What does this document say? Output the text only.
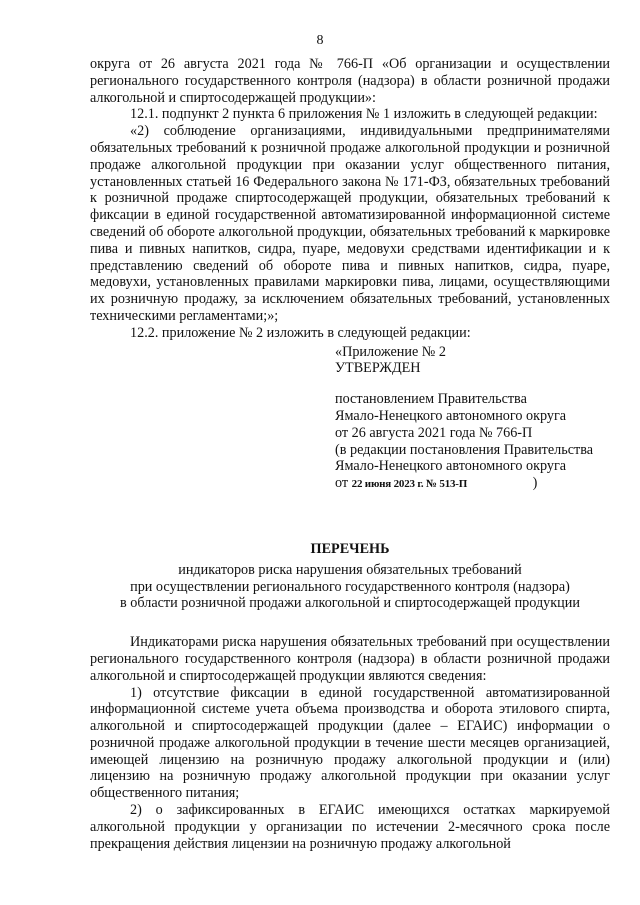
8

округа от 26 августа 2021 года № 766-П «Об организации и осуществлении регионального государственного контроля (надзора) в области розничной продажи алкогольной и спиртосодержащей продукции»:

12.1. подпункт 2 пункта 6 приложения № 1 изложить в следующей редакции:

«2) соблюдение организациями, индивидуальными предпринимателями обязательных требований к розничной продаже алкогольной продукции и розничной продаже алкогольной продукции при оказании услуг общественного питания, установленных статьей 16 Федерального закона № 171-ФЗ, обязательных требований к розничной продаже спиртосодержащей продукции, обязательных требований к фиксации в единой государственной автоматизированной информационной системе сведений об обороте алкогольной продукции, обязательных требований к маркировке пива и пивных напитков, сидра, пуаре, медовухи средствами идентификации и к представлению сведений об обороте пива и пивных напитков, сидра, пуаре, медовухи, установленных правилами маркировки пива, лицами, осуществляющими их розничную продажу, за исключением обязательных требований, установленных техническими регламентами;»;

12.2. приложение № 2 изложить в следующей редакции:

«Приложение № 2
УТВЕРЖДЕН
постановлением Правительства
Ямало-Ненецкого автономного округа
от 26 августа 2021 года № 766-П
(в редакции постановления Правительства
Ямало-Ненецкого автономного округа
от 22 июня 2023 г. № 513-П	)
ПЕРЕЧЕНЬ
индикаторов риска нарушения обязательных требований
при осуществлении регионального государственного контроля (надзора)
в области розничной продажи алкогольной и спиртосодержащей продукции

Индикаторами риска нарушения обязательных требований при осуществлении регионального государственного контроля (надзора) в области розничной продажи алкогольной и спиртосодержащей продукции являются сведения:

1) отсутствие фиксации в единой государственной автоматизированной информационной системе учета объема производства и оборота этилового спирта, алкогольной и спиртосодержащей продукции (далее – ЕГАИС) информации о розничной продаже алкогольной продукции в течение шести месяцев организацией, имеющей лицензию на розничную продажу алкогольной продукции и (или) лицензию на розничную продажу алкогольной продукции при оказании услуг общественного питания;

2) о зафиксированных в ЕГАИС имеющихся остатках маркируемой алкогольной продукции у организации по истечении 2-месячного срока после прекращения действия лицензии на розничную продажу алкогольной
